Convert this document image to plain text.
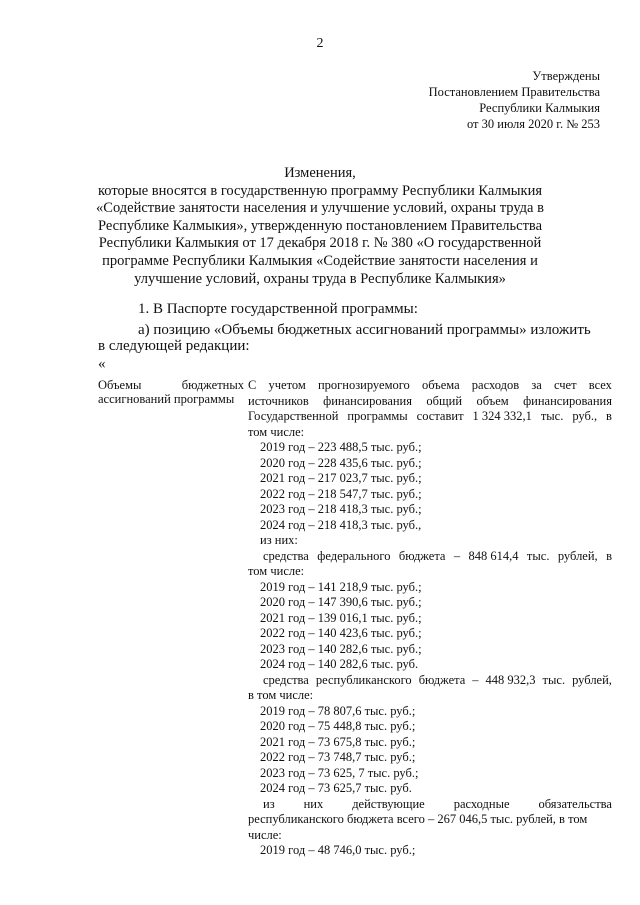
2
Утверждены
Постановлением Правительства
Республики Калмыкия
от 30 июля 2020 г. № 253
Изменения,
которые вносятся в государственную программу Республики Калмыкия
«Содействие занятости населения и улучшение условий, охраны труда в
Республике Калмыкия», утвержденную постановлением Правительства
Республики Калмыкия от 17 декабря 2018 г. № 380 «О государственной
программе Республики Калмыкия «Содействие занятости населения и
улучшение условий, охраны труда в Республике Калмыкия»
1. В Паспорте государственной программы:
а) позицию «Объемы бюджетных ассигнований программы» изложить
в следующей редакции:
«
Объемы	бюджетных
ассигнований программы
С учетом прогнозируемого объема расходов за счет всех
источников финансирования общий объем финансирования
Государственной программы составит 1 324 332,1 тыс. руб., в
том числе:
2019 год – 223 488,5 тыс. руб.;
2020 год – 228 435,6 тыс. руб.;
2021 год – 217 023,7 тыс. руб.;
2022 год – 218 547,7 тыс. руб.;
2023 год – 218 418,3 тыс. руб.;
2024 год – 218 418,3 тыс. руб.,
из них:
средства федерального бюджета – 848 614,4 тыс. рублей, в
том числе:
2019 год – 141 218,9 тыс. руб.;
2020 год – 147 390,6 тыс. руб.;
2021 год – 139 016,1 тыс. руб.;
2022 год – 140 423,6 тыс. руб.;
2023 год – 140 282,6 тыс. руб.;
2024 год – 140 282,6 тыс. руб.
средства республиканского бюджета – 448 932,3 тыс. рублей,
в том числе:
2019 год – 78 807,6 тыс. руб.;
2020 год – 75 448,8 тыс. руб.;
2021 год – 73 675,8 тыс. руб.;
2022 год – 73 748,7 тыс. руб.;
2023 год – 73 625, 7 тыс. руб.;
2024 год – 73 625,7 тыс. руб.
из них действующие расходные обязательства
республиканского бюджета всего – 267 046,5 тыс. рублей, в том
числе:
2019 год – 48 746,0 тыс. руб.;
